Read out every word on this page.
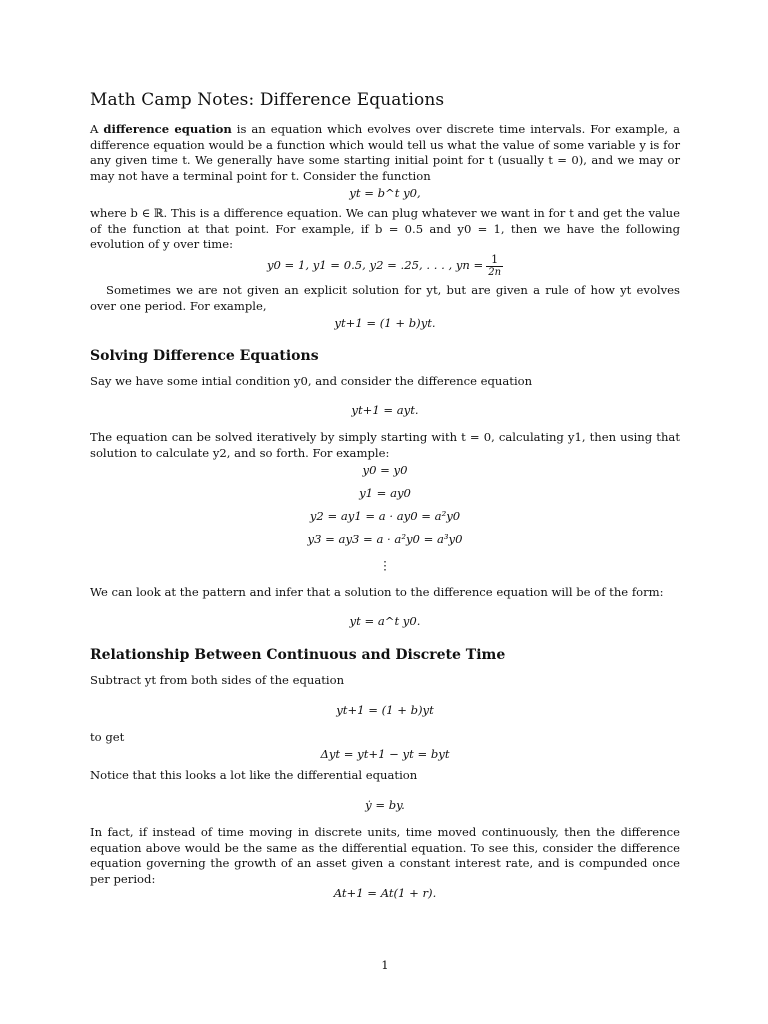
Math Camp Notes: Difference Equations

A difference equation is an equation which evolves over discrete time intervals. For example, a difference equation would be a function which would tell us what the value of some variable y is for any given time t. We generally have some starting initial point for t (usually t = 0), and we may or may not have a terminal point for t. Consider the function

yt = b^t y0,

where b ∈ ℝ. This is a difference equation. We can plug whatever we want in for t and get the value of the function at that point. For example, if b = 0.5 and y0 = 1, then we have the following evolution of y over time:

y0 = 1, y1 = 0.5, y2 = .25, . . . , yn = $\frac{1}{2n}$

Sometimes we are not given an explicit solution for yt, but are given a rule of how yt evolves over one period. For example,

yt+1 = (1 + b)yt.
Solving Difference Equations

Say we have some intial condition y0, and consider the difference equation

yt+1 = ayt.

The equation can be solved iteratively by simply starting with t = 0, calculating y1, then using that solution to calculate y2, and so forth. For example:

y0 = y0
y1 = ay0
y2 = ay1 = a · ay0 = a²y0
y3 = ay3 = a · a²y0 = a³y0
⋮

We can look at the pattern and infer that a solution to the difference equation will be of the form:

yt = a^t y0.
Relationship Between Continuous and Discrete Time

Subtract yt from both sides of the equation

yt+1 = (1 + b)yt

to get

Δyt = yt+1 − yt = byt

Notice that this looks a lot like the differential equation

ẏ = by.

In fact, if instead of time moving in discrete units, time moved continuously, then the difference equation above would be the same as the differential equation. To see this, consider the difference equation governing the growth of an asset given a constant interest rate, and is compunded once per period:

At+1 = At(1 + r).
1
